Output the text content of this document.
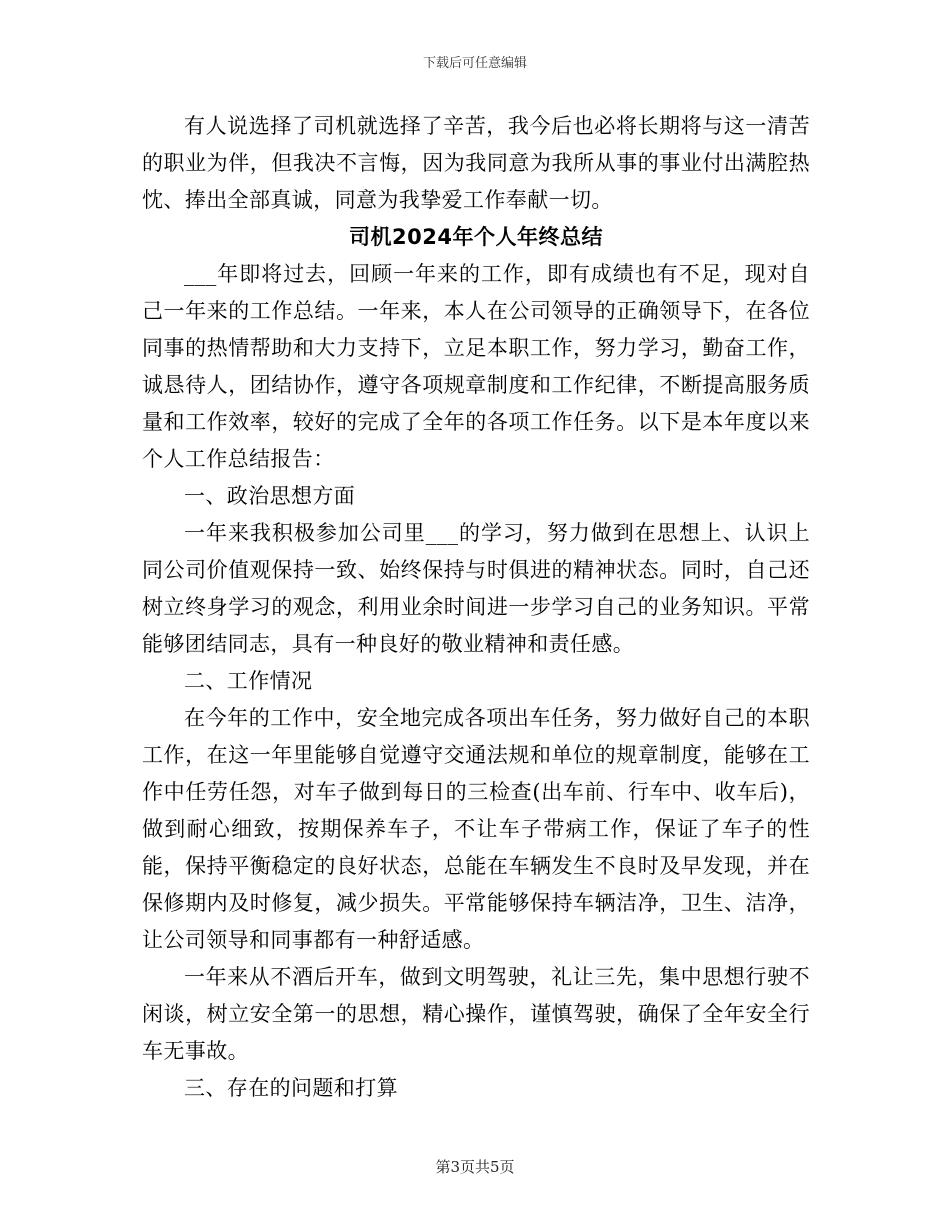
下载后可任意编辑

有人说选择了司机就选择了辛苦，我今后也必将长期将与这一清苦的职业为伴，但我决不言悔，因为我同意为我所从事的事业付出满腔热忱、捧出全部真诚，同意为我挚爱工作奉献一切。

司机2024年个人年终总结

___年即将过去，回顾一年来的工作，即有成绩也有不足，现对自己一年来的工作总结。一年来，本人在公司领导的正确领导下，在各位同事的热情帮助和大力支持下，立足本职工作，努力学习，勤奋工作，诚恳待人，团结协作，遵守各项规章制度和工作纪律，不断提高服务质量和工作效率，较好的完成了全年的各项工作任务。以下是本年度以来个人工作总结报告：

一、政治思想方面

一年来我积极参加公司里___的学习，努力做到在思想上、认识上同公司价值观保持一致、始终保持与时俱进的精神状态。同时，自己还树立终身学习的观念，利用业余时间进一步学习自己的业务知识。平常能够团结同志，具有一种良好的敬业精神和责任感。

二、工作情况

在今年的工作中，安全地完成各项出车任务，努力做好自己的本职工作，在这一年里能够自觉遵守交通法规和单位的规章制度，能够在工作中任劳任怨，对车子做到每日的三检查(出车前、行车中、收车后)，做到耐心细致，按期保养车子，不让车子带病工作，保证了车子的性能，保持平衡稳定的良好状态，总能在车辆发生不良时及早发现，并在保修期内及时修复，减少损失。平常能够保持车辆洁净，卫生、洁净，让公司领导和同事都有一种舒适感。

一年来从不酒后开车，做到文明驾驶，礼让三先，集中思想行驶不闲谈，树立安全第一的思想，精心操作，谨慎驾驶，确保了全年安全行车无事故。

三、存在的问题和打算

第3页共5页
